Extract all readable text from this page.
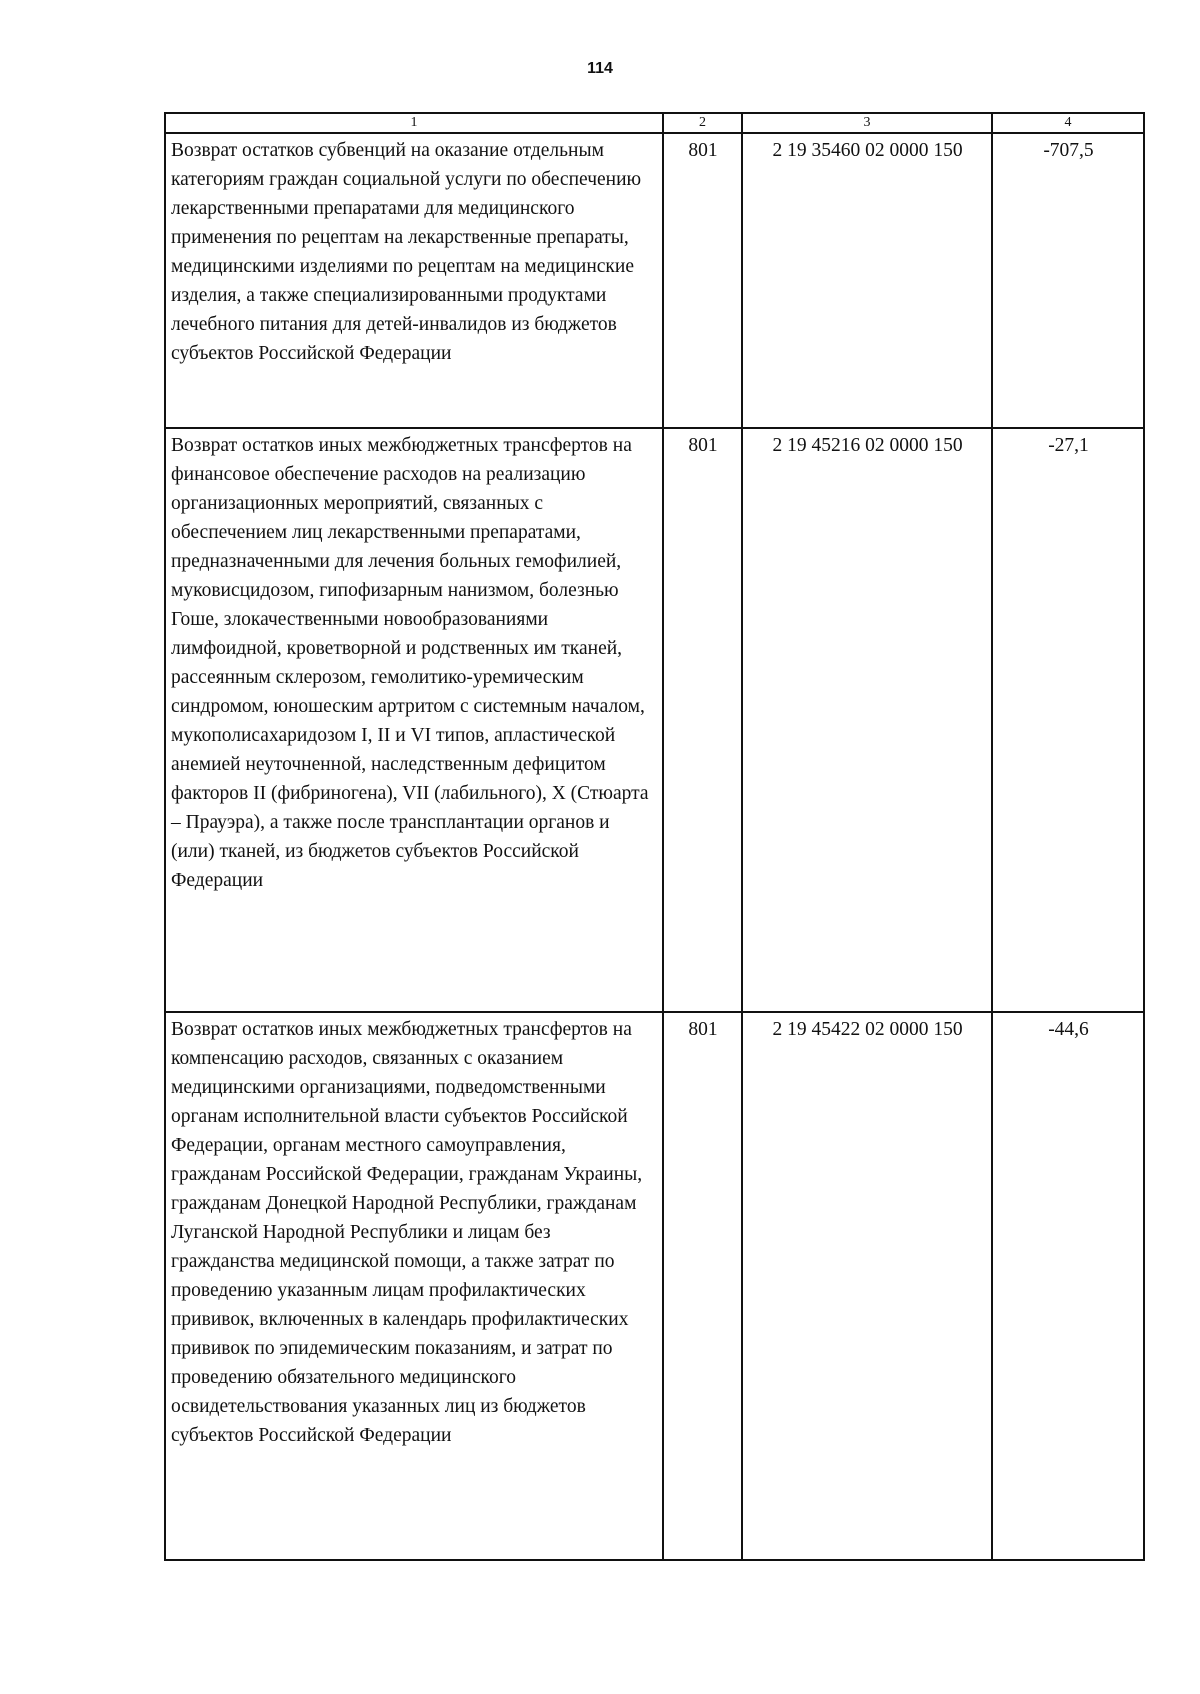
114
1	2	3	4
Возврат остатков субвенций на оказание отдельным категориям граждан социальной услуги по обеспечению лекарственными препаратами для медицинского применения по рецептам на лекарственные препараты, медицинскими изделиями по рецептам на медицинские изделия, а также специализированными продуктами лечебного питания для детей-инвалидов из бюджетов субъектов Российской Федерации	801	2 19 35460 02 0000 150	-707,5
Возврат остатков иных межбюджетных трансфертов на финансовое обеспечение расходов на реализацию организационных мероприятий, связанных с обеспечением лиц лекарственными препаратами, предназначенными для лечения больных гемофилией, муковисцидозом, гипофизарным нанизмом, болезнью Гоше, злокачественными новообразованиями лимфоидной, кроветворной и родственных им тканей, рассеянным склерозом, гемолитико-уремическим синдромом, юношеским артритом с системным началом, мукополисахаридозом I, II и VI типов, апластической анемией неуточненной, наследственным дефицитом факторов II (фибриногена), VII (лабильного), X (Стюарта – Прауэра), а также после трансплантации органов и (или) тканей, из бюджетов субъектов Российской Федерации	801	2 19 45216 02 0000 150	-27,1
Возврат остатков иных межбюджетных трансфертов на компенсацию расходов, связанных с оказанием медицинскими организациями, подведомственными органам исполнительной власти субъектов Российской Федерации, органам местного самоуправления, гражданам Российской Федерации, гражданам Украины, гражданам Донецкой Народной Республики, гражданам Луганской Народной Республики и лицам без гражданства медицинской помощи, а также затрат по проведению указанным лицам профилактических прививок, включенных в календарь профилактических прививок по эпидемическим показаниям, и затрат по проведению обязательного медицинского освидетельствования указанных лиц из бюджетов субъектов Российской Федерации	801	2 19 45422 02 0000 150	-44,6
